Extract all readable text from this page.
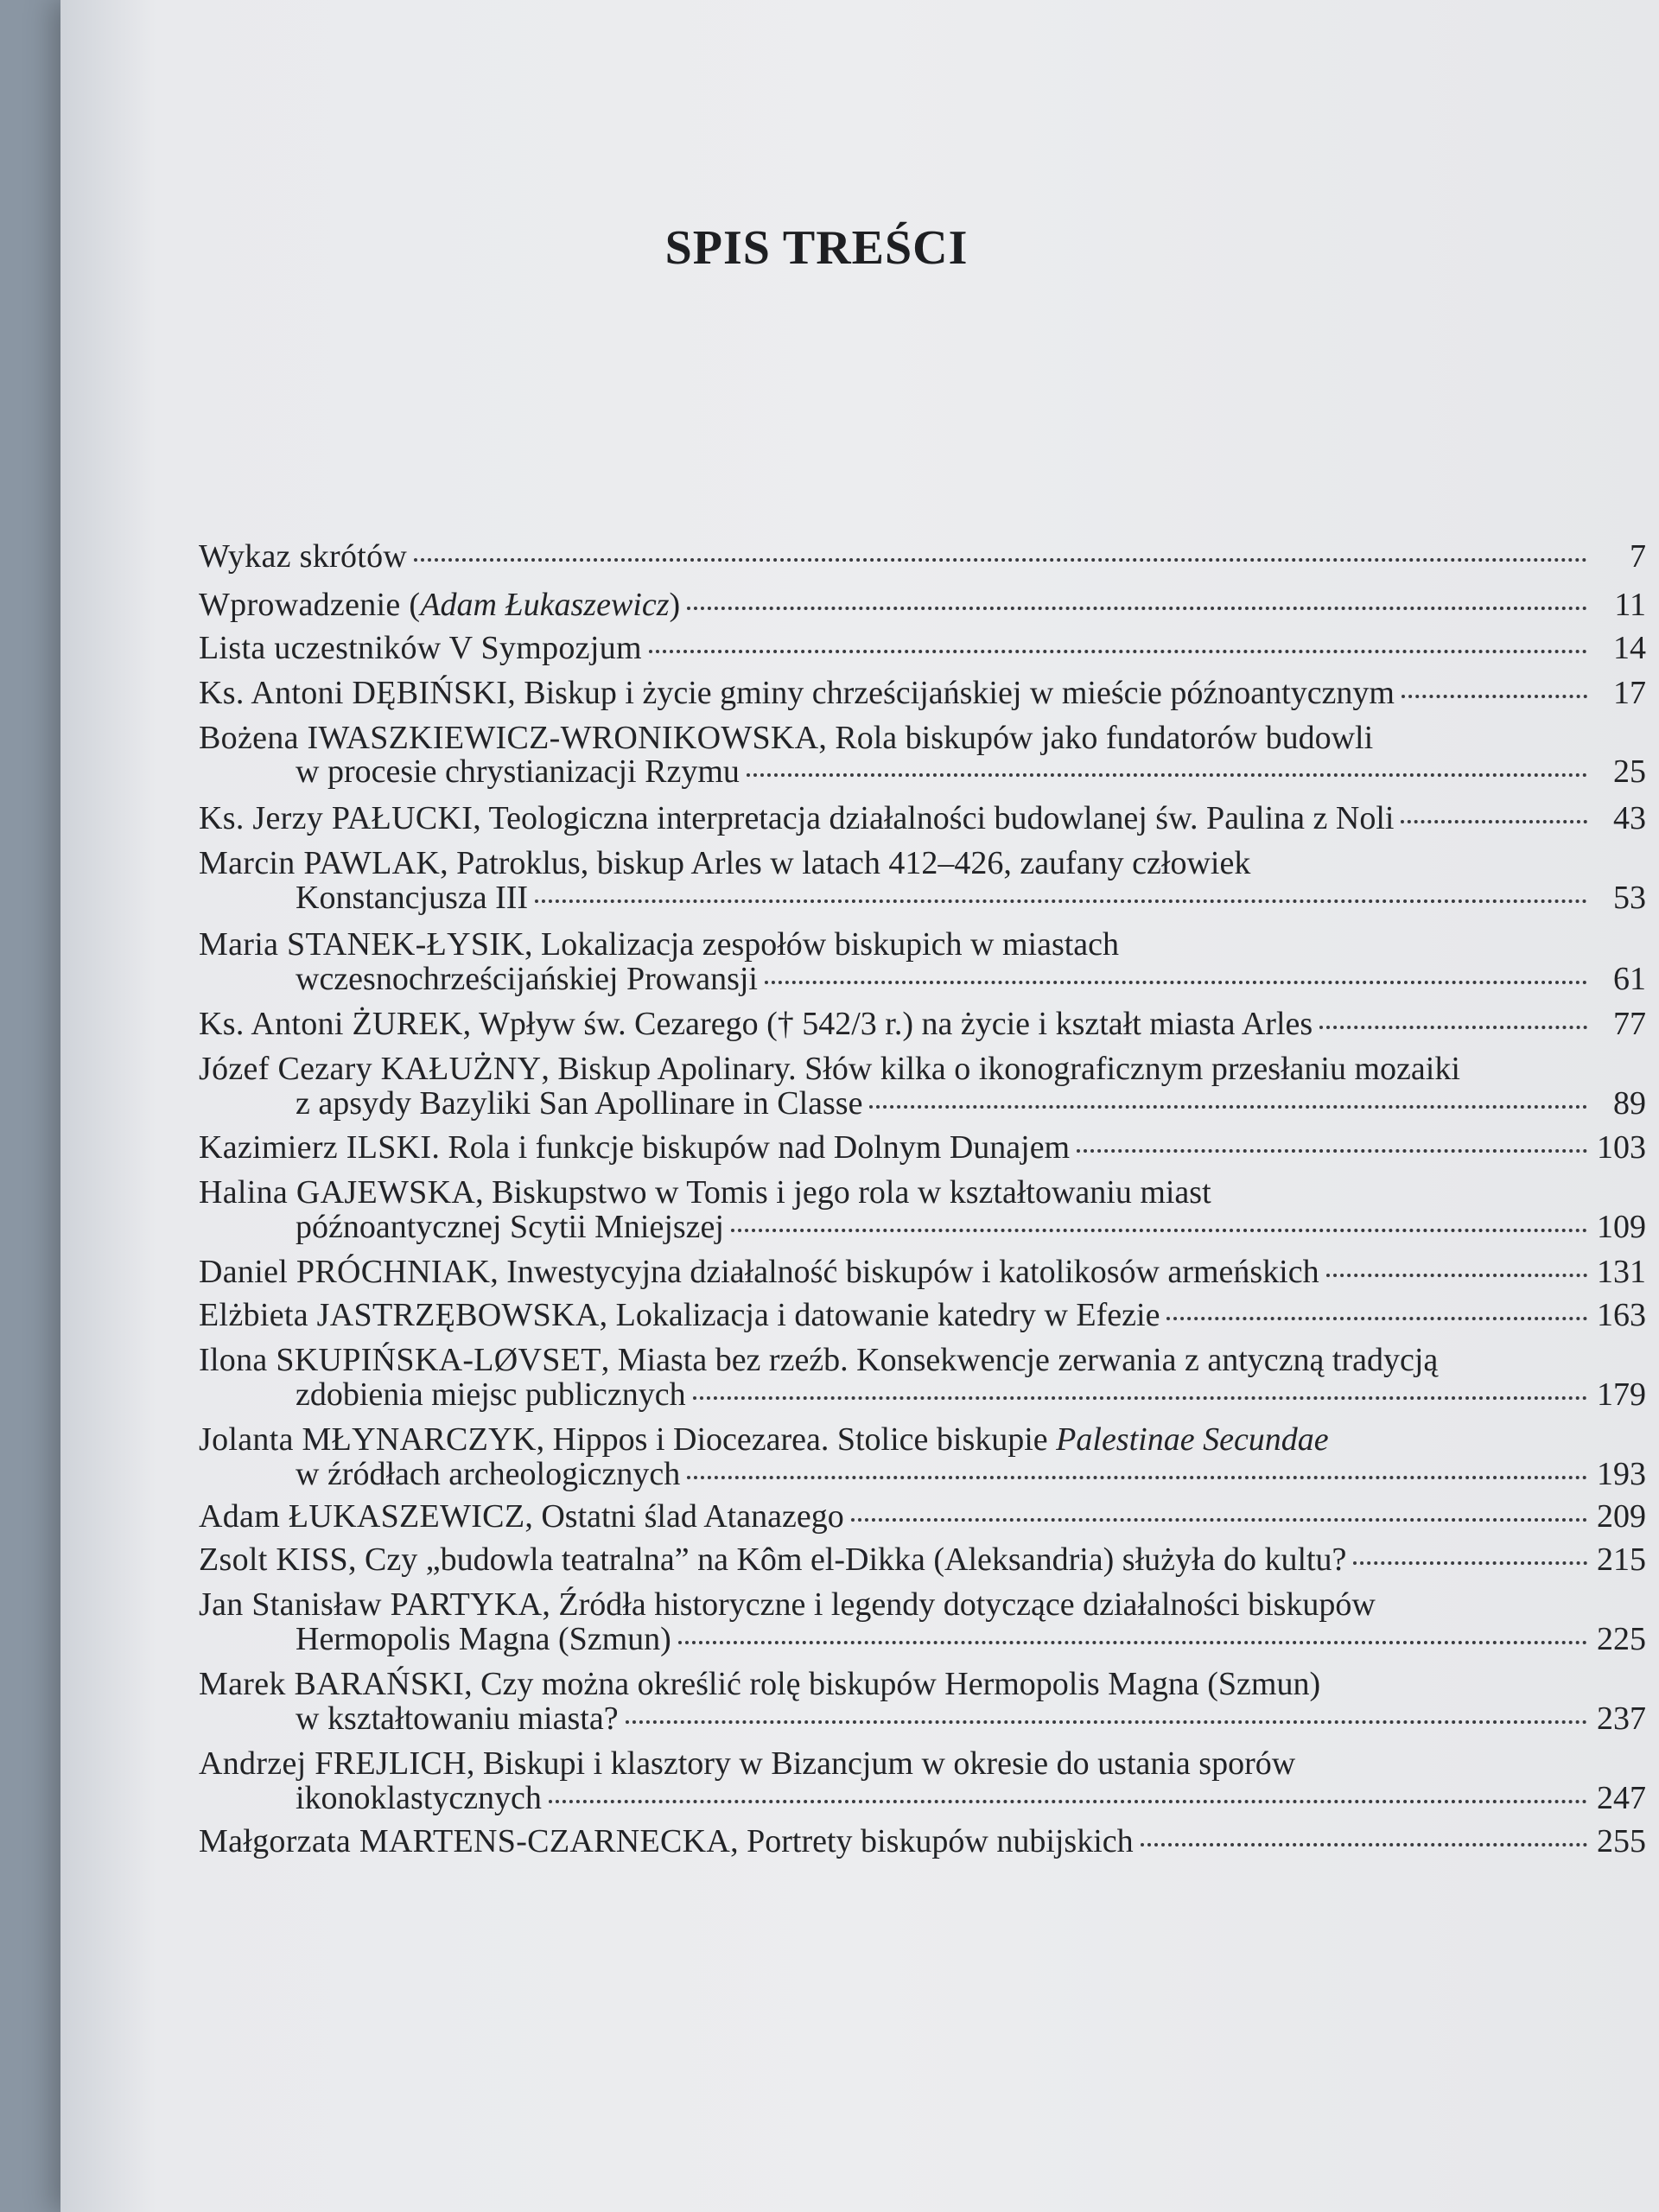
SPIS TREŚCI
Wykaz skrótów	7
Wprowadzenie (Adam Łukaszewicz)	11
Lista uczestników V Sympozjum	14
Ks. Antoni DĘBIŃSKI, Biskup i życie gminy chrześcijańskiej w mieście późnoantycznym	17
Bożena IWASZKIEWICZ-WRONIKOWSKA, Rola biskupów jako fundatorów budowli
w procesie chrystianizacji Rzymu	25
Ks. Jerzy PAŁUCKI, Teologiczna interpretacja działalności budowlanej św. Paulina z Noli	43
Marcin PAWLAK, Patroklus, biskup Arles w latach 412–426, zaufany człowiek
Konstancjusza III	53
Maria STANEK-ŁYSIK, Lokalizacja zespołów biskupich w miastach
wczesnochrześcijańskiej Prowansji	61
Ks. Antoni ŻUREK, Wpływ św. Cezarego († 542/3 r.) na życie i kształt miasta Arles	77
Józef Cezary KAŁUŻNY, Biskup Apolinary. Słów kilka o ikonograficznym przesłaniu mozaiki
z apsydy Bazyliki San Apollinare in Classe	89
Kazimierz ILSKI. Rola i funkcje biskupów nad Dolnym Dunajem	103
Halina GAJEWSKA, Biskupstwo w Tomis i jego rola w kształtowaniu miast
późnoantycznej Scytii Mniejszej	109
Daniel PRÓCHNIAK, Inwestycyjna działalność biskupów i katolikosów armeńskich	131
Elżbieta JASTRZĘBOWSKA, Lokalizacja i datowanie katedry w Efezie	163
Ilona SKUPIŃSKA-LØVSET, Miasta bez rzeźb. Konsekwencje zerwania z antyczną tradycją
zdobienia miejsc publicznych	179
Jolanta MŁYNARCZYK, Hippos i Diocezarea. Stolice biskupie Palestinae Secundae
w źródłach archeologicznych	193
Adam ŁUKASZEWICZ, Ostatni ślad Atanazego	209
Zsolt KISS, Czy „budowla teatralna” na Kôm el-Dikka (Aleksandria) służyła do kultu?	215
Jan Stanisław PARTYKA, Źródła historyczne i legendy dotyczące działalności biskupów
Hermopolis Magna (Szmun)	225
Marek BARAŃSKI, Czy można określić rolę biskupów Hermopolis Magna (Szmun)
w kształtowaniu miasta?	237
Andrzej FREJLICH, Biskupi i klasztory w Bizancjum w okresie do ustania sporów
ikonoklastycznych	247
Małgorzata MARTENS-CZARNECKA, Portrety biskupów nubijskich	255
